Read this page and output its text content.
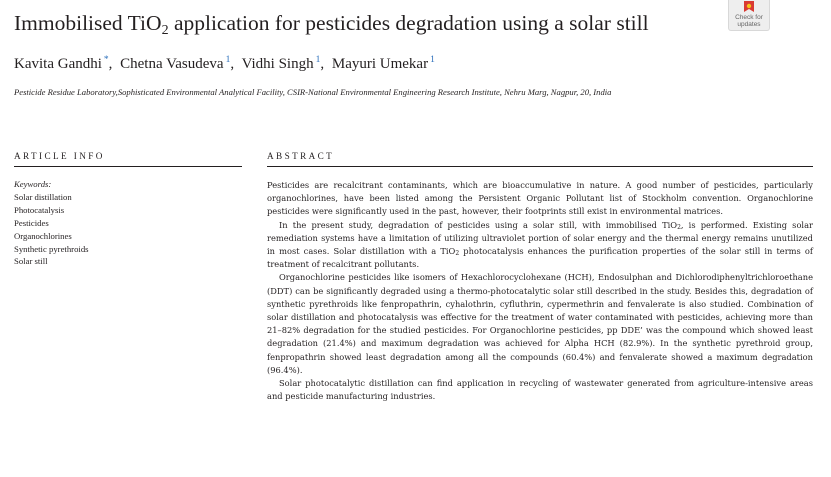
Immobilised TiO$_2$ application for pesticides degradation using a solar still	Check for
updates
Kavita Gandhi *, Chetna Vasudeva $^1$, Vidhi Singh $^1$, Mayuri Umekar $^1$
Pesticide Residue Laboratory,Sophisticated Environmental Analytical Facility, CSIR-National Environmental Engineering Research Institute, Nehru Marg, Nagpur, 20, India
ARTICLE INFO	ABSTRACT
Keywords:
Solar distillation
Photocatalysis
Pesticides
Organochlorines
Synthetic pyrethroids
Solar still

Pesticides are recalcitrant contaminants, which are bioaccumulative in nature. A good number of pesticides, particularly organochlorines, have been listed among the Persistent Organic Pollutant list of Stockholm convention. Organochlorine pesticides were significantly used in the past, however, their footprints still exist in environmental matrices.

In the present study, degradation of pesticides using a solar still, with immobilised TiO$_2$, is performed. Existing solar remediation systems have a limitation of utilizing ultraviolet portion of solar energy and the thermal energy remains unutilized in most cases. Solar distillation with a TiO$_2$ photocatalysis enhances the purification properties of the solar still in terms of treatment of recalcitrant pollutants.

Organochlorine pesticides like isomers of Hexachlorocyclohexane (HCH), Endosulphan and Dichlorodiphenyltrichloroethane (DDT) can be significantly degraded using a thermo-photocatalytic solar still described in the study. Besides this, degradation of synthetic pyrethroids like fenpropathrin, cyhalothrin, cyfluthrin, cypermethrin and fenvalerate is also studied. Combination of solar distillation and photocatalysis was effective for the treatment of water contaminated with pesticides, achieving more than 21–82% degradation for the studied pesticides. For Organochlorine pesticides, pp DDE’ was the compound which showed least degradation (21.4%) and maximum degradation was achieved for Alpha HCH (82.9%). In the synthetic pyrethroid group, fenpropathrin showed least degradation among all the compounds (60.4%) and fenvalerate showed a maximum degradation (96.4%).

Solar photocatalytic distillation can find application in recycling of wastewater generated from agriculture-intensive areas and pesticide manufacturing industries.
